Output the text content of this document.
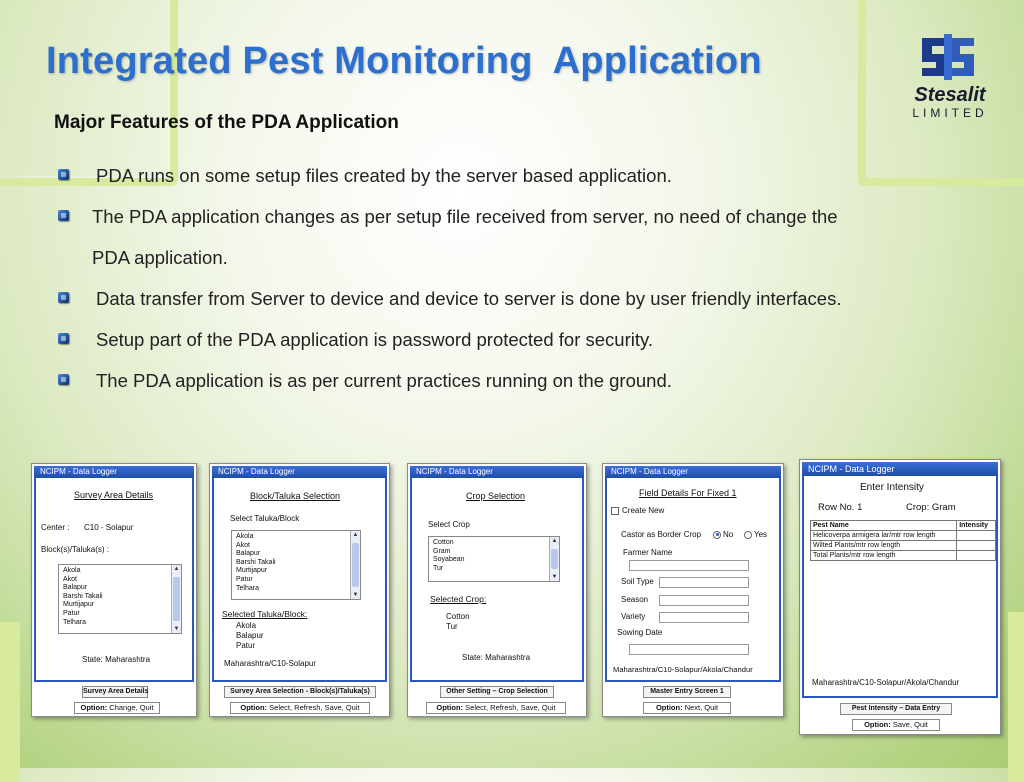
Integrated Pest Monitoring  Application
Stesalit
LIMITED
Major Features of the PDA Application
PDA runs on some setup files created by the server based application.
The PDA application changes as per setup file received from server, no need of change the
PDA application.
Data transfer from Server to device and device to server is done by user friendly interfaces.
Setup part of the PDA application is password protected for security.
The PDA application is as per current practices running on the ground.
NCIPM - Data Logger
Survey Area Details
Center : C10 - Solapur
Block(s)/Taluka(s) :
Akola
Akot
Balapur
Barshi Takali
Murtijapur
Patur
Telhara
▲
▼
State: Maharashtra
Survey Area Details
Option: Change, Quit
NCIPM - Data Logger
Block/Taluka Selection
Select Taluka/Block
Akola
Akot
Balapur
Barshi Takali
Murtijapur
Patur
Telhara
▲
▼
Selected Taluka/Block:
Akola
Balapur
Patur
Maharashtra/C10-Solapur
Survey Area Selection - Block(s)/Taluka(s)
Option: Select, Refresh, Save, Quit
NCIPM - Data Logger
Crop Selection
Select Crop
Cotton
Gram
Soyabean
Tur
▲
▼
Selected Crop:
Cotton
Tur
State: Maharashtra
Other Setting – Crop Selection
Option: Select, Refresh, Save, Quit
NCIPM - Data Logger
Field Details For Fixed 1
Create New
Castor as Border Crop	No	Yes
Farmer Name
Soil Type
Season
Variety
Sowing Date
Maharashtra/C10-Solapur/Akola/Chandur
Master Entry Screen 1
Option: Next, Quit
NCIPM - Data Logger
Enter Intensity
Row No. 1	Crop: Gram
Pest Name	Intensity
Helicoverpa armigera lar/mtr row length	
Wilted Plants/mtr row length	
Total Plants/mtr row length	
Maharashtra/C10-Solapur/Akola/Chandur
Pest Intensity – Data Entry
Option: Save, Quit
